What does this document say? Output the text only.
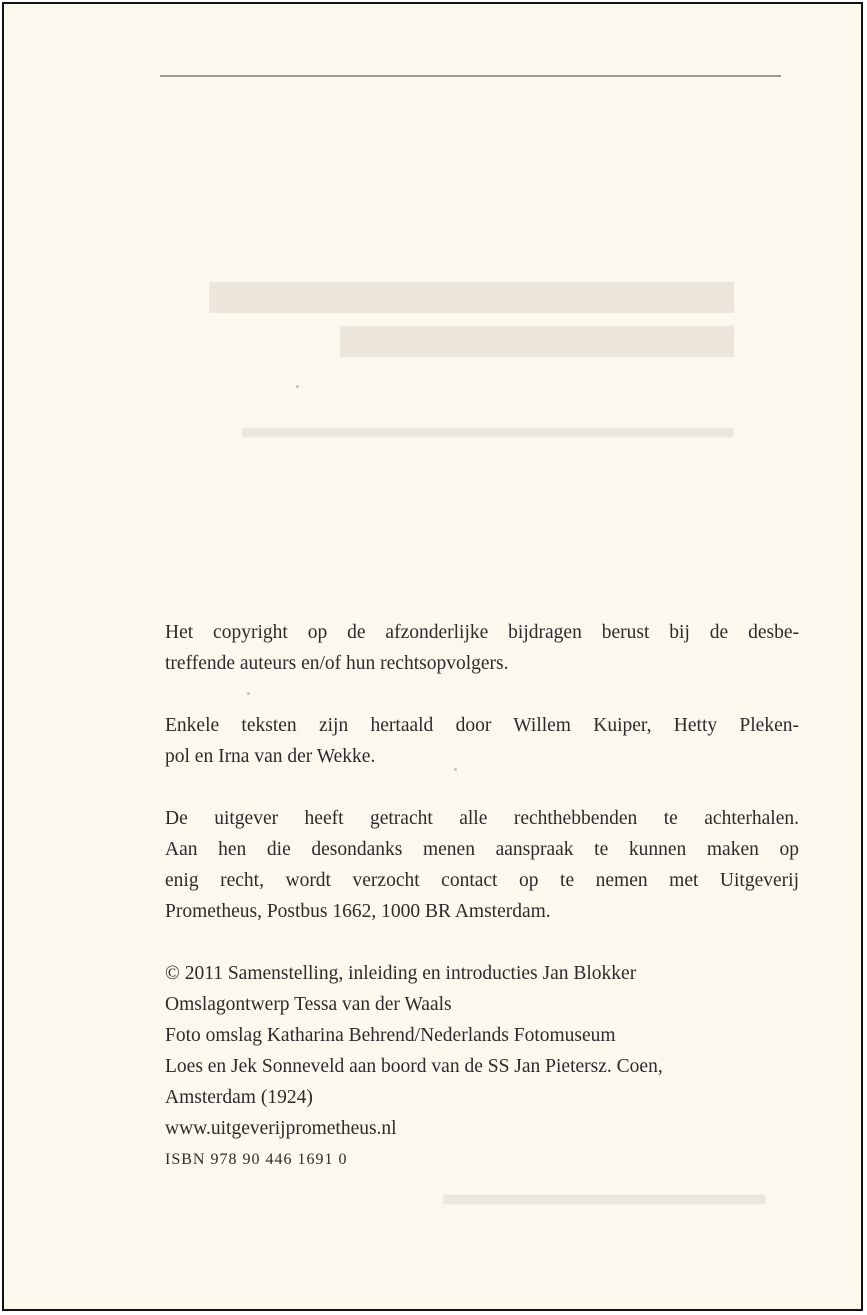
▆▆▆▆▆▆▆▆▆▆▆▆▆▆▆▆▆▆▆▆
▆▆▆▆▆▆▆▆▆▆▆▆▆▆▆
▃▃▃▃▃▃▃▃▃▃▃▃▃▃▃▃▃▃▃▃▃▃▃▃▃▃▃▃▃
▃▃▃▃▃▃▃▃▃▃▃▃▃▃▃▃▃▃▃

Het copyright op de afzonderlijke bijdragen berust bij de desbe-
treffende auteurs en/of hun rechtsopvolgers.

Enkele teksten zijn hertaald door Willem Kuiper, Hetty Pleken-
pol en Irna van der Wekke.

De uitgever heeft getracht alle rechthebbenden te achterhalen.
Aan hen die desondanks menen aanspraak te kunnen maken op
enig recht, wordt verzocht contact op te nemen met Uitgeverij
Prometheus, Postbus 1662, 1000 BR Amsterdam.

© 2011 Samenstelling, inleiding en introducties Jan Blokker
Omslagontwerp Tessa van der Waals
Foto omslag Katharina Behrend/Nederlands Fotomuseum
Loes en Jek Sonneveld aan boord van de SS Jan Pietersz. Coen,
Amsterdam (1924)
www.uitgeverijprometheus.nl
ISBN 978 90 446 1691 0
